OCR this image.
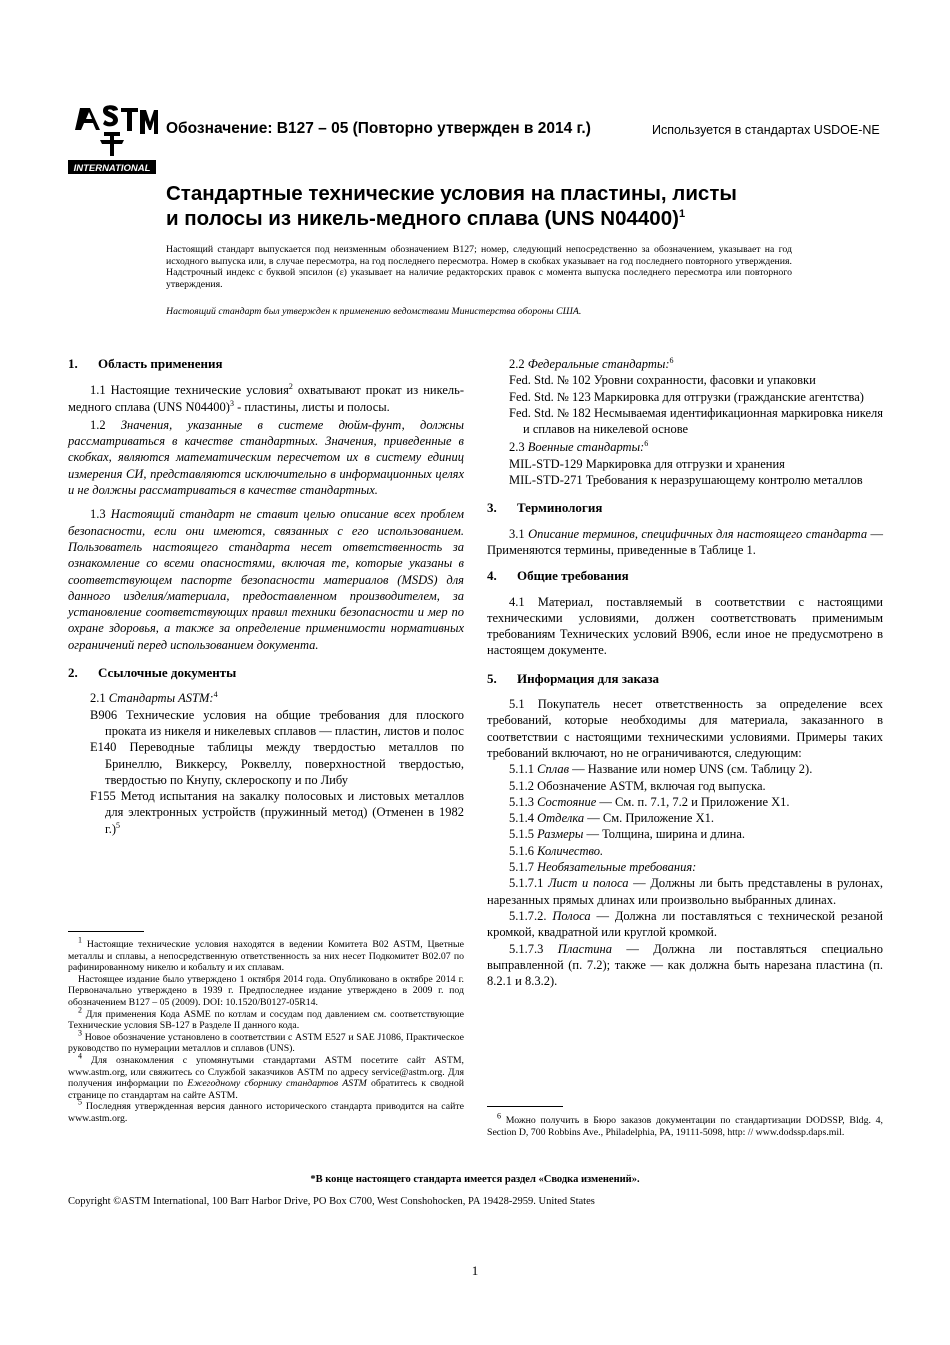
INTERNATIONAL
Обозначение: B127 – 05 (Повторно утвержден в 2014 г.)	Используется в стандартах USDOE-NE
Стандартные технические условия на пластины, листы
и полосы из никель-медного сплава (UNS N04400)$^1$
Настоящий стандарт выпускается под неизменным обозначением B127; номер, следующий непосредственно за обозначением, указывает на год исходного выпуска или, в случае пересмотра, на год последнего пересмотра. Номер в скобках указывает на год последнего повторного утверждения. Надстрочный индекс с буквой эпсилон (ε) указывает на наличие редакторских правок с момента выпуска последнего пересмотра или повторного утверждения.
Настоящий стандарт был утвержден к применению ведомствами Министерства обороны США.

1. Область применения

1.1 Настоящие технические условия$^2$ охватывают прокат из никель-медного сплава (UNS N04400)$^3$ - пластины, листы и полосы.

1.2 Значения, указанные в системе дюйм-фунт, должны рассматриваться в качестве стандартных. Значения, приведенные в скобках, являются математическим пересчетом их в систему единиц измерения СИ, представляются исключительно в информационных целях и не должны рассматриваться в качестве стандартных.

1.3 Настоящий стандарт не ставит целью описание всех проблем безопасности, если они имеются, связанных с его использованием. Пользователь настоящего стандарта несет ответственность за ознакомление со всеми опасностями, включая те, которые указаны в соответствующем паспорте безопасности материалов (MSDS) для данного изделия/материала, предоставленном производителем, за установление соответствующих правил техники безопасности и мер по охране здоровья, а также за определение применимости нормативных ограничений перед использованием документа.

2. Ссылочные документы

2.1 Стандарты ASTM:$^4$

B906 Технические условия на общие требования для плоского проката из никеля и никелевых сплавов — пластин, листов и полос

E140 Переводные таблицы между твердостью металлов по Бринеллю, Виккерсу, Роквеллу, поверхностной твердостью, твердостью по Кнупу, склероскопу и по Либу

F155 Метод испытания на закалку полосовых и листовых металлов для электронных устройств (пружинный метод) (Отменен в 1982 г.)$^5$

$^1$ Настоящие технические условия находятся в ведении Комитета B02 ASTM, Цветные металлы и сплавы, а непосредственную ответственность за них несет Подкомитет B02.07 по рафинированному никелю и кобальту и их сплавам.

Настоящее издание было утверждено 1 октября 2014 года. Опубликовано в октябре 2014 г. Первоначально утверждено в 1939 г. Предпоследнее издание утверждено в 2009 г. под обозначением B127 – 05 (2009). DOI: 10.1520/B0127-05R14.

$^2$ Для применения Кода ASME по котлам и сосудам под давлением см. соответствующие Технические условия SB-127 в Разделе II данного кода.

$^3$ Новое обозначение установлено в соответствии с ASTM E527 и SAE J1086, Практическое руководство по нумерации металлов и сплавов (UNS).

$^4$ Для ознакомления с упомянутыми стандартами ASTM посетите сайт ASTM, www.astm.org, или свяжитесь со Службой заказчиков ASTM по адресу service@astm.org. Для получения информации по Ежегодному сборнику стандартов ASTM обратитесь к сводной странице по стандартам на сайте ASTM.

$^5$ Последняя утвержденная версия данного исторического стандарта приводится на сайте www.astm.org.

2.2 Федеральные стандарты:$^6$

Fed. Std. № 102 Уровни сохранности, фасовки и упаковки

Fed. Std. № 123 Маркировка для отгрузки (гражданские агентства)

Fed. Std. № 182 Несмываемая идентификационная маркировка никеля и сплавов на никелевой основе

2.3 Военные стандарты:$^6$

MIL-STD-129 Маркировка для отгрузки и хранения

MIL-STD-271 Требования к неразрушающему контролю металлов

3. Терминология

3.1 Описание терминов, специфичных для настоящего стандарта — Применяются термины, приведенные в Таблице 1.

4. Общие требования

4.1 Материал, поставляемый в соответствии с настоящими техническими условиями, должен соответствовать применимым требованиям Технических условий B906, если иное не предусмотрено в настоящем документе.

5. Информация для заказа

5.1 Покупатель несет ответственность за определение всех требований, которые необходимы для материала, заказанного в соответствии с настоящими техническими условиями. Примеры таких требований включают, но не ограничиваются, следующим:

5.1.1 Сплав — Название или номер UNS (см. Таблицу 2).

5.1.2 Обозначение ASTM, включая год выпуска.

5.1.3 Состояние — См. п. 7.1, 7.2 и Приложение X1.

5.1.4 Отделка — См. Приложение X1.

5.1.5 Размеры — Толщина, ширина и длина.

5.1.6 Количество.

5.1.7 Необязательные требования:

5.1.7.1 Лист и полоса — Должны ли быть представлены в рулонах, нарезанных прямых длинах или произвольно выбранных длинах.

5.1.7.2. Полоса — Должна ли поставляться с технической резаной кромкой, квадратной или круглой кромкой.

5.1.7.3 Пластина — Должна ли поставляться специально выправленной (п. 7.2); также — как должна быть нарезана пластина (п. 8.2.1 и 8.3.2).

$^6$ Можно получить в Бюро заказов документации по стандартизации DODSSP, Bldg. 4, Section D, 700 Robbins Ave., Philadelphia, PA, 19111-5098, http: // www.dodssp.daps.mil.

*В конце настоящего стандарта имеется раздел «Сводка изменений».
Copyright ©ASTM International, 100 Barr Harbor Drive, PO Box C700, West Conshohocken, PA 19428-2959. United States
1
